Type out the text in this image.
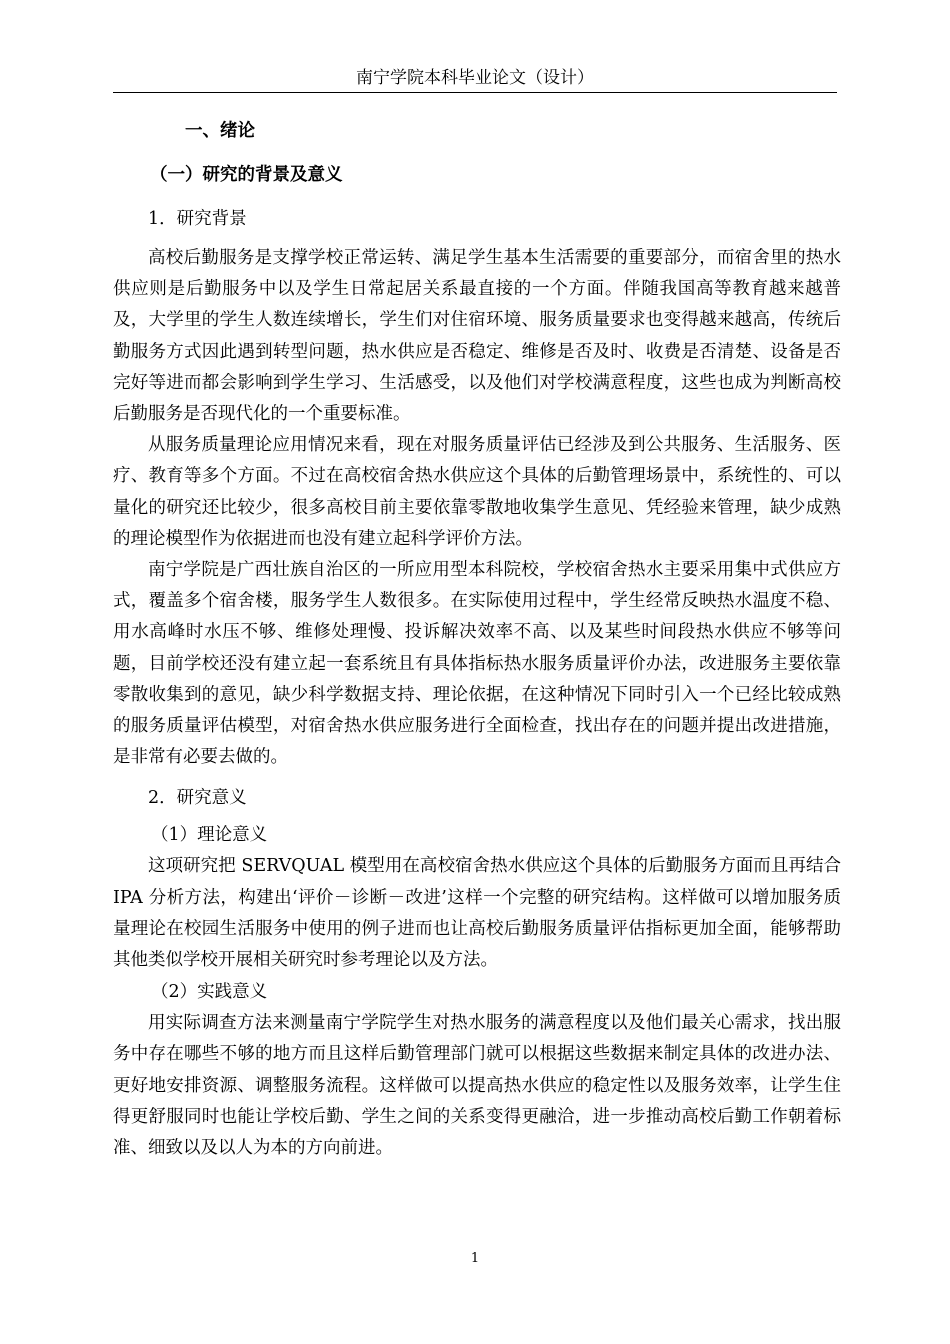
南宁学院本科毕业论文（设计）
一、绪论
（一）研究的背景及意义
1．研究背景

高校后勤服务是支撑学校正常运转、满足学生基本生活需要的重要部分，而宿舍里的热水供应则是后勤服务中以及学生日常起居关系最直接的一个方面。伴随我国高等教育越来越普及，大学里的学生人数连续增长，学生们对住宿环境、服务质量要求也变得越来越高，传统后勤服务方式因此遇到转型问题，热水供应是否稳定、维修是否及时、收费是否清楚、设备是否完好等进而都会影响到学生学习、生活感受，以及他们对学校满意程度，这些也成为判断高校后勤服务是否现代化的一个重要标准。

从服务质量理论应用情况来看，现在对服务质量评估已经涉及到公共服务、生活服务、医疗、教育等多个方面。不过在高校宿舍热水供应这个具体的后勤管理场景中，系统性的、可以量化的研究还比较少，很多高校目前主要依靠零散地收集学生意见、凭经验来管理，缺少成熟的理论模型作为依据进而也没有建立起科学评价方法。

南宁学院是广西壮族自治区的一所应用型本科院校，学校宿舍热水主要采用集中式供应方式，覆盖多个宿舍楼，服务学生人数很多。在实际使用过程中，学生经常反映热水温度不稳、用水高峰时水压不够、维修处理慢、投诉解决效率不高、以及某些时间段热水供应不够等问题，目前学校还没有建立起一套系统且有具体指标热水服务质量评价办法，改进服务主要依靠零散收集到的意见，缺少科学数据支持、理论依据，在这种情况下同时引入一个已经比较成熟的服务质量评估模型，对宿舍热水供应服务进行全面检查，找出存在的问题并提出改进措施，是非常有必要去做的。

2．研究意义
（1）理论意义

这项研究把 SERVQUAL 模型用在高校宿舍热水供应这个具体的后勤服务方面而且再结合 IPA 分析方法，构建出‘评价－诊断－改进’这样一个完整的研究结构。这样做可以增加服务质量理论在校园生活服务中使用的例子进而也让高校后勤服务质量评估指标更加全面，能够帮助其他类似学校开展相关研究时参考理论以及方法。

（2）实践意义

用实际调查方法来测量南宁学院学生对热水服务的满意程度以及他们最关心需求，找出服务中存在哪些不够的地方而且这样后勤管理部门就可以根据这些数据来制定具体的改进办法、更好地安排资源、调整服务流程。这样做可以提高热水供应的稳定性以及服务效率，让学生住得更舒服同时也能让学校后勤、学生之间的关系变得更融洽，进一步推动高校后勤工作朝着标准、细致以及以人为本的方向前进。

1
